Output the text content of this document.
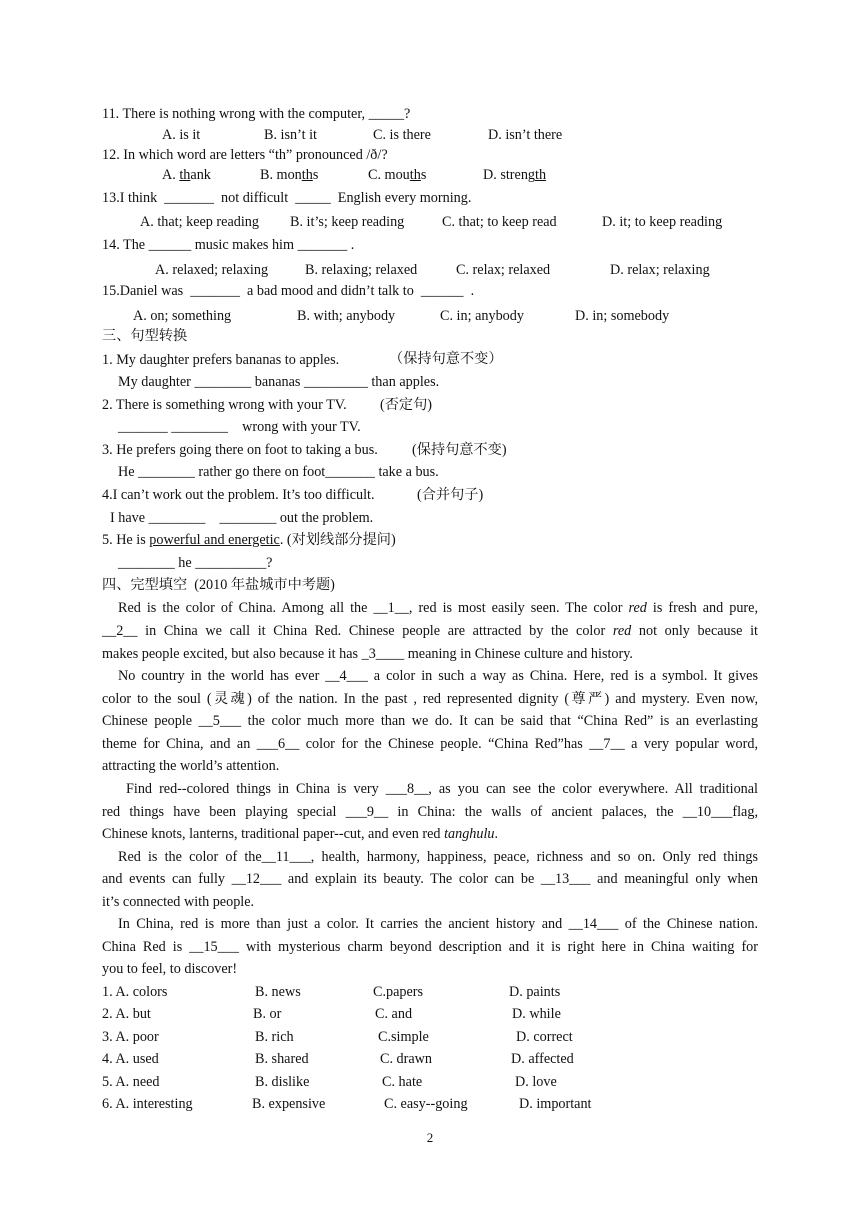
11. There is nothing wrong with the computer, _____?
A. is it	B. isn’t it	C. is there	D. isn’t there
12. In which word are letters “th” pronounced /ð/?
A. thank	B. months	C. mouths	D. strength
13.I think  _______  not difficult  _____  English every morning.
A. that; keep reading B. it’s; keep reading	C. that; to keep read	D. it; to keep reading
14. The ______ music makes him _______ .
A. relaxed; relaxing	B. relaxing; relaxed	C. relax; relaxed	D. relax; relaxing
15.Daniel was  _______  a bad mood and didn’t talk to  ______  .
A. on; something	B. with; anybody	C. in; anybody	D. in; somebody
三、句型转换
1. My daughter prefers bananas to apples.	（保持句意不变）
My daughter ________ bananas _________ than apples.
2. There is something wrong with your TV. (否定句)
_______ ________    wrong with your TV.
3. He prefers going there on foot to taking a bus. (保持句意不变)
He ________ rather go there on foot_______ take a bus.
4.I can’t work out the problem. It’s too difficult.	(合并句子)
I have ________    ________ out the problem.
5. He is powerful and energetic. (对划线部分提问)
________ he __________?
四、完型填空  (2010 年盐城市中考题)
Red is the color of China. Among all the __1__, red is most easily seen. The color red is fresh and pure,
__2__ in China we call it China Red. Chinese people are attracted by the color red not only because it
makes people excited, but also because it has _3____ meaning in Chinese culture and history.
No country in the world has ever __4___ a color in such a way as China. Here, red is a symbol. It gives
color to the soul (灵魂) of the nation. In the past , red represented dignity (尊严) and mystery. Even now,
Chinese people __5___ the color much more than we do. It can be said that “China Red” is an everlasting
theme for China, and an ___6__ color for the Chinese people. “China Red”has __7__ a very popular word,
attracting the world’s attention.
Find red--colored things in China is very ___8__, as you can see the color everywhere. All traditional
red things have been playing special ___9__ in China: the walls of ancient palaces, the __10___flag,
Chinese knots, lanterns, traditional paper--cut, and even red tanghulu.
Red is the color of the__11___, health, harmony, happiness, peace, richness and so on. Only red things
and events can fully __12___ and explain its beauty. The color can be __13___ and meaningful only when
it’s connected with people.
In China, red is more than just a color. It carries the ancient history and __14___ of the Chinese nation.
China Red is __15___ with mysterious charm beyond description and it is right here in China waiting for
you to feel, to discover!
1. A. colors	B. news	C.papers	D. paints
2. A. but	B. or	C. and	D. while
3. A. poor	B. rich	C.simple	D. correct
4. A. used	B. shared	C. drawn	D. affected
5. A. need	B. dislike	C. hate	D. love
6. A. interesting	B. expensive	C. easy--going	D. important
2
